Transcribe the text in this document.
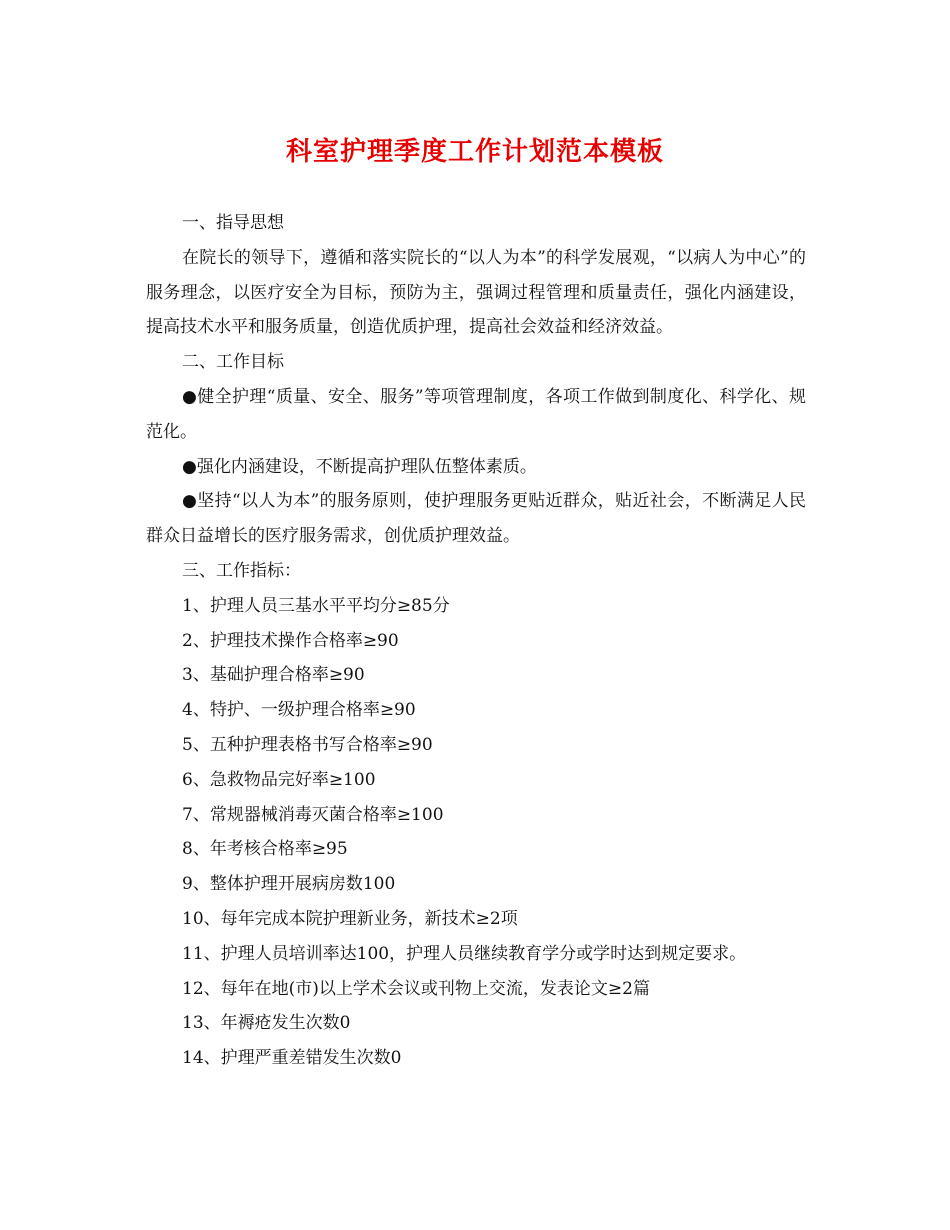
科室护理季度工作计划范本模板

一、指导思想

在院长的领导下，遵循和落实院长的“以人为本”的科学发展观，“以病人为中心”的服务理念，以医疗安全为目标，预防为主，强调过程管理和质量责任，强化内涵建设，提高技术水平和服务质量，创造优质护理，提高社会效益和经济效益。

二、工作目标

●健全护理“质量、安全、服务”等项管理制度，各项工作做到制度化、科学化、规范化。

●强化内涵建设，不断提高护理队伍整体素质。

●坚持“以人为本”的服务原则，使护理服务更贴近群众，贴近社会，不断满足人民群众日益增长的医疗服务需求，创优质护理效益。

三、工作指标：

1、护理人员三基水平平均分≥85分

2、护理技术操作合格率≥90

3、基础护理合格率≥90

4、特护、一级护理合格率≥90

5、五种护理表格书写合格率≥90

6、急救物品完好率≥100

7、常规器械消毒灭菌合格率≥100

8、年考核合格率≥95

9、整体护理开展病房数100

10、每年完成本院护理新业务，新技术≥2项

11、护理人员培训率达100，护理人员继续教育学分或学时达到规定要求。

12、每年在地(市)以上学术会议或刊物上交流，发表论文≥2篇

13、年褥疮发生次数0

14、护理严重差错发生次数0
